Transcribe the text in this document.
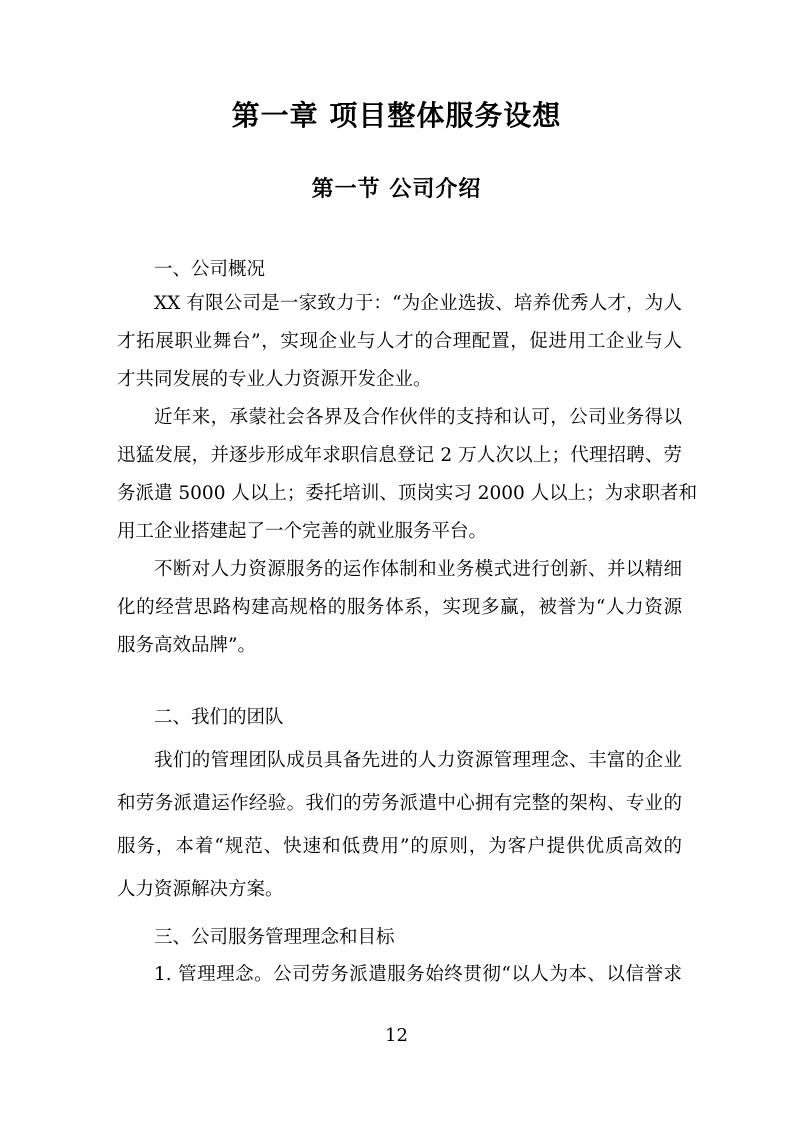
第一章 项目整体服务设想
第一节 公司介绍
一、公司概况
XX 有限公司是一家致力于：“为企业选拔、培养优秀人才，为人
才拓展职业舞台”，实现企业与人才的合理配置，促进用工企业与人
才共同发展的专业人力资源开发企业。
近年来，承蒙社会各界及合作伙伴的支持和认可，公司业务得以
迅猛发展，并逐步形成年求职信息登记 2 万人次以上；代理招聘、劳
务派遣 5000 人以上；委托培训、顶岗实习 2000 人以上；为求职者和
用工企业搭建起了一个完善的就业服务平台。
不断对人力资源服务的运作体制和业务模式进行创新、并以精细
化的经营思路构建高规格的服务体系，实现多赢，被誉为“人力资源
服务高效品牌”。
二、我们的团队
我们的管理团队成员具备先进的人力资源管理理念、丰富的企业
和劳务派遣运作经验。我们的劳务派遣中心拥有完整的架构、专业的
服务，本着“规范、快速和低费用”的原则，为客户提供优质高效的
人力资源解决方案。
三、公司服务管理理念和目标
1. 管理理念。公司劳务派遣服务始终贯彻“以人为本、以信誉求
12
